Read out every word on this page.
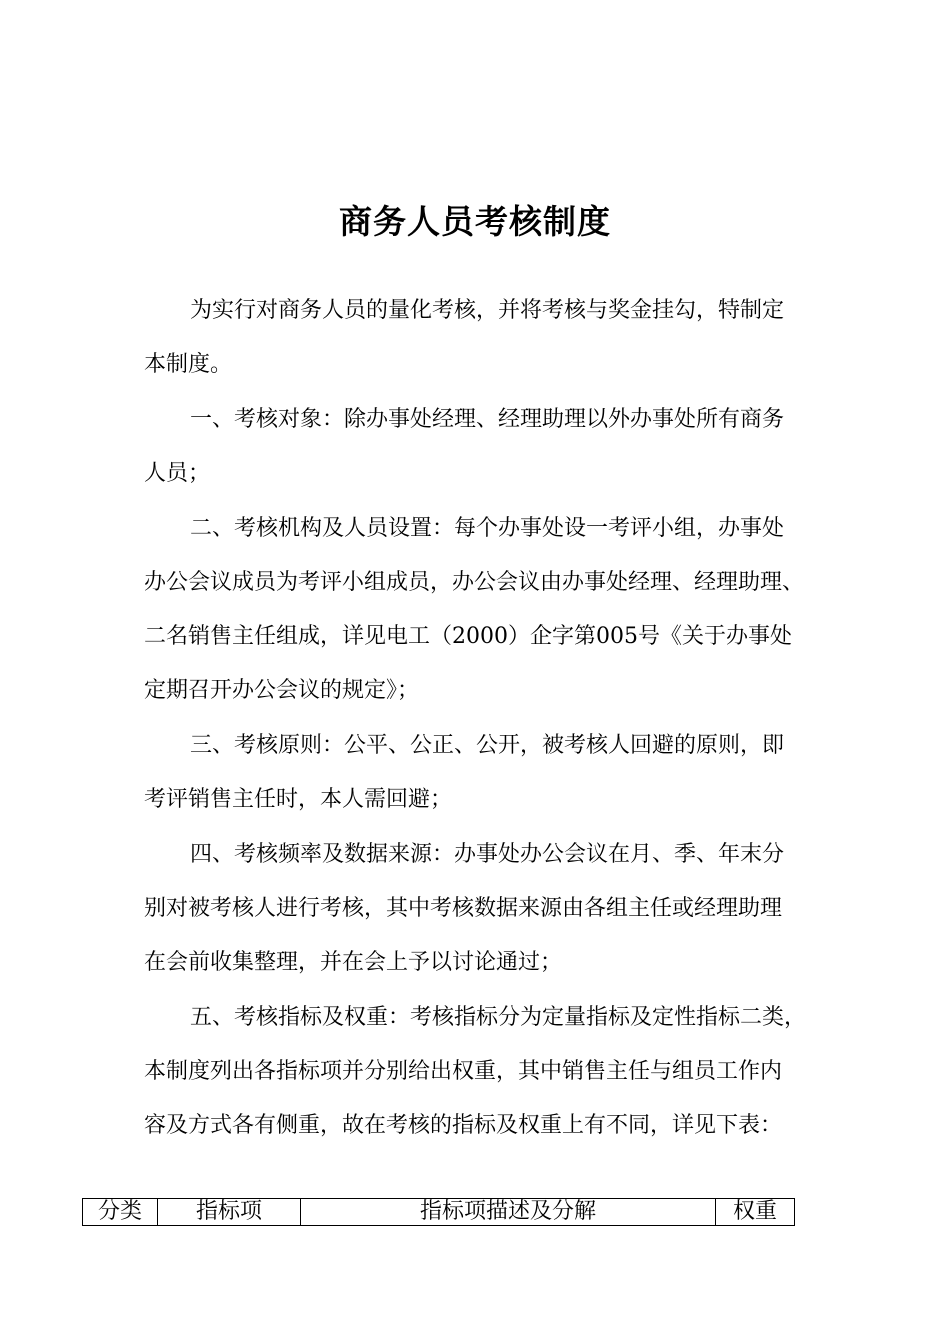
商务人员考核制度
为实行对商务人员的量化考核，并将考核与奖金挂勾，特制定
本制度。
一、考核对象：除办事处经理、经理助理以外办事处所有商务
人员；
二、考核机构及人员设置：每个办事处设一考评小组，办事处
办公会议成员为考评小组成员，办公会议由办事处经理、经理助理、
二名销售主任组成，详见电工（2000）企字第005号《关于办事处
定期召开办公会议的规定》；
三、考核原则：公平、公正、公开，被考核人回避的原则，即
考评销售主任时，本人需回避；
四、考核频率及数据来源：办事处办公会议在月、季、年末分
别对被考核人进行考核，其中考核数据来源由各组主任或经理助理
在会前收集整理，并在会上予以讨论通过；
五、考核指标及权重：考核指标分为定量指标及定性指标二类，
本制度列出各指标项并分别给出权重，其中销售主任与组员工作内
容及方式各有侧重，故在考核的指标及权重上有不同，详见下表：
分类	指标项	指标项描述及分解	权重
